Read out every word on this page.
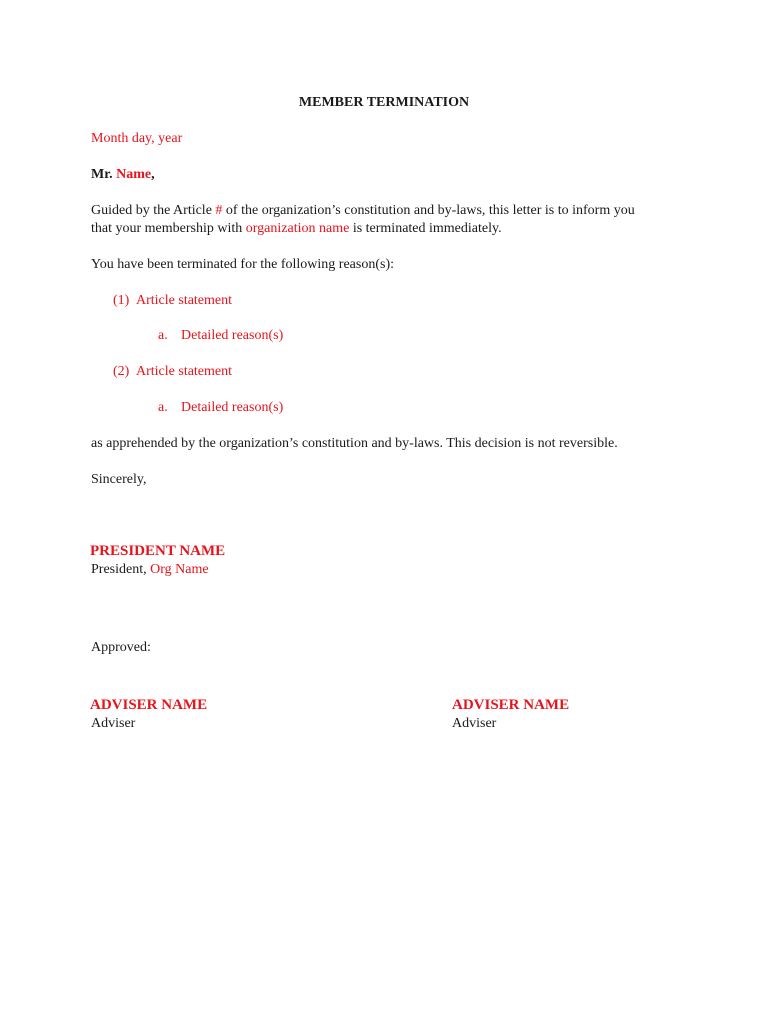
MEMBER TERMINATION
Month day, year
Mr. Name,
Guided by the Article # of the organization’s constitution and by-laws, this letter is to inform you
that your membership with organization name is terminated immediately.
You have been terminated for the following reason(s):
(1) Article statement
a. Detailed reason(s)
(2) Article statement
a. Detailed reason(s)
as apprehended by the organization’s constitution and by-laws. This decision is not reversible.
Sincerely,
PRESIDENT NAME
President, Org Name
Approved:
ADVISER NAME
Adviser
ADVISER NAME
Adviser
